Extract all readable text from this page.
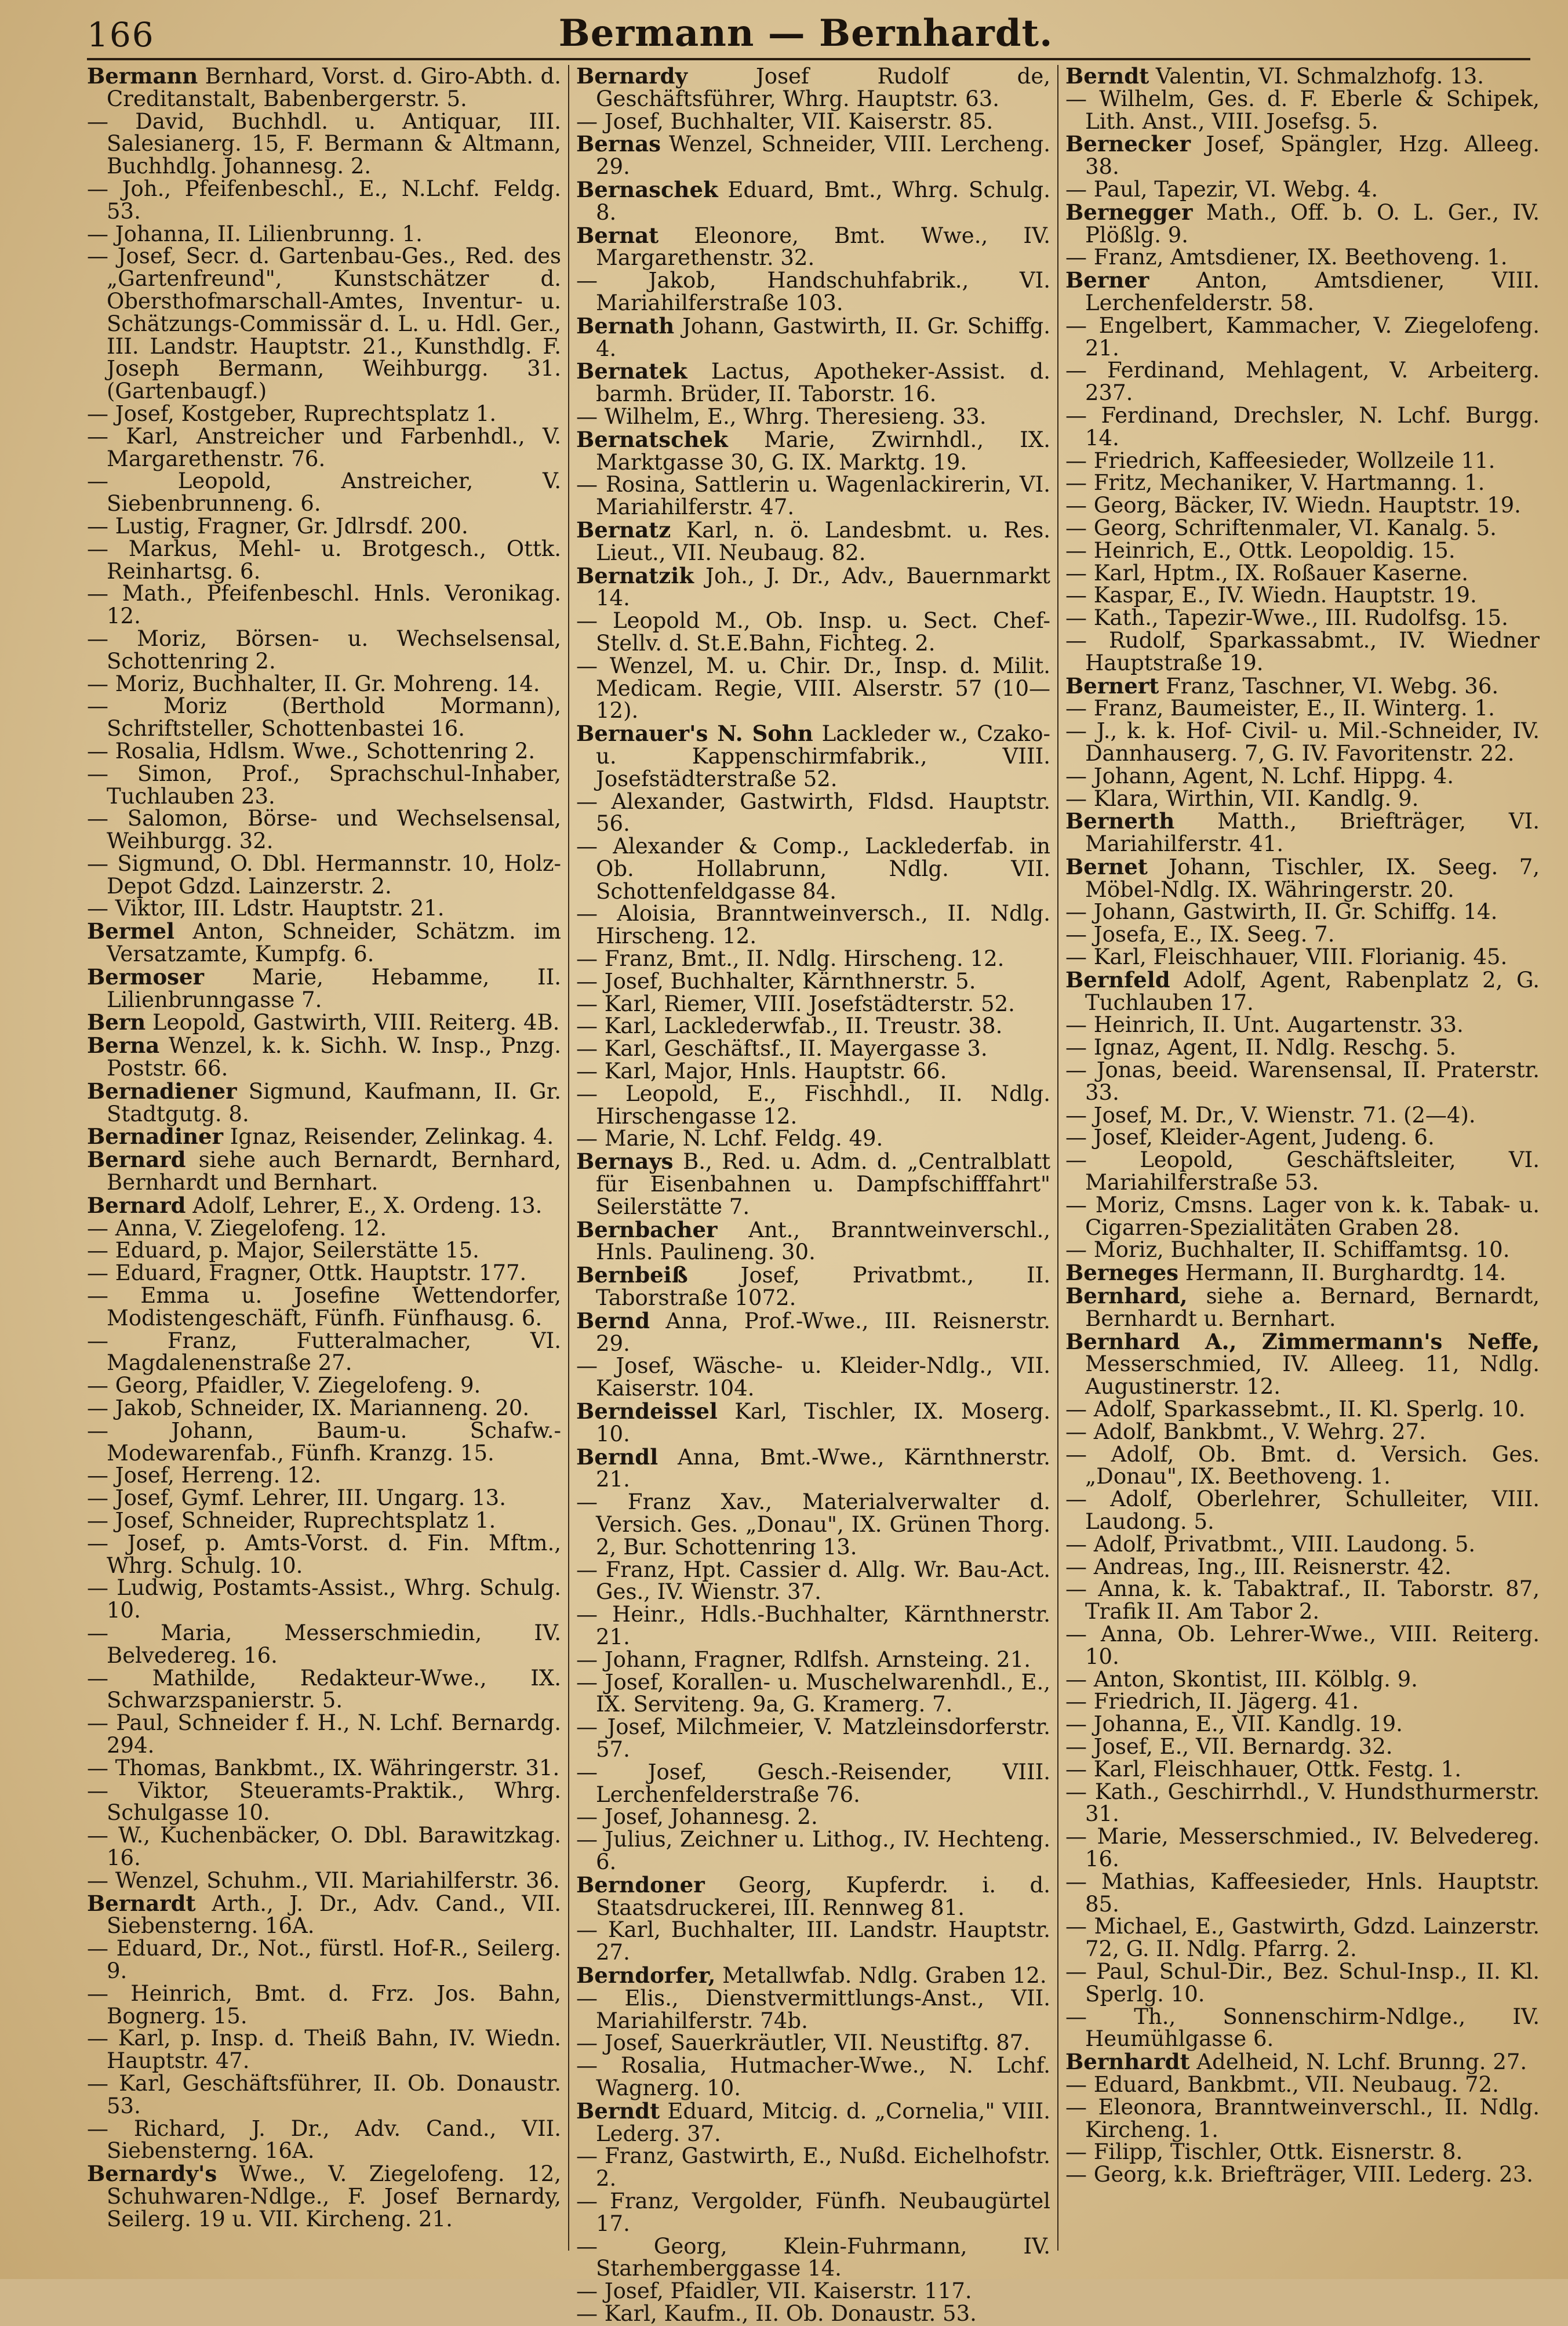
166	Bermann — Bernhardt.

Bermann Bernhard, Vorst. d. Giro-Abth. d. Creditanstalt, Babenbergerstr. 5.

— David, Buchhdl. u. Antiquar, III. Salesianerg. 15, F. Bermann & Altmann, Buchhdlg. Johannesg. 2.

— Joh., Pfeifenbeschl., E., N.Lchf. Feldg. 53.

— Johanna, II. Lilienbrunng. 1.

— Josef, Secr. d. Gartenbau-Ges., Red. des „Gartenfreund", Kunstschätzer d. Obersthofmarschall-Amtes, Inventur- u. Schätzungs-Commissär d. L. u. Hdl. Ger., III. Landstr. Hauptstr. 21., Kunsthdlg. F. Joseph Bermann, Weihburgg. 31. (Gartenbaugf.)

— Josef, Kostgeber, Ruprechtsplatz 1.

— Karl, Anstreicher und Farbenhdl., V. Margarethenstr. 76.

— Leopold, Anstreicher, V. Siebenbrunneng. 6.

— Lustig, Fragner, Gr. Jdlrsdf. 200.

— Markus, Mehl- u. Brotgesch., Ottk. Reinhartsg. 6.

— Math., Pfeifenbeschl. Hnls. Veronikag. 12.

— Moriz, Börsen- u. Wechselsensal, Schottenring 2.

— Moriz, Buchhalter, II. Gr. Mohreng. 14.

— Moriz (Berthold Mormann), Schriftsteller, Schottenbastei 16.

— Rosalia, Hdlsm. Wwe., Schottenring 2.

— Simon, Prof., Sprachschul-Inhaber, Tuchlauben 23.

— Salomon, Börse- und Wechselsensal, Weihburgg. 32.

— Sigmund, O. Dbl. Hermannstr. 10, Holz-Depot Gdzd. Lainzerstr. 2.

— Viktor, III. Ldstr. Hauptstr. 21.

Bermel Anton, Schneider, Schätzm. im Versatzamte, Kumpfg. 6.

Bermoser Marie, Hebamme, II. Lilienbrunngasse 7.

Bern Leopold, Gastwirth, VIII. Reiterg. 4B.

Berna Wenzel, k. k. Sichh. W. Insp., Pnzg. Poststr. 66.

Bernadiener Sigmund, Kaufmann, II. Gr. Stadtgutg. 8.

Bernadiner Ignaz, Reisender, Zelinkag. 4.

Bernard siehe auch Bernardt, Bernhard, Bernhardt und Bernhart.

Bernard Adolf, Lehrer, E., X. Ordeng. 13.

— Anna, V. Ziegelofeng. 12.

— Eduard, p. Major, Seilerstätte 15.

— Eduard, Fragner, Ottk. Hauptstr. 177.

— Emma u. Josefine Wettendorfer, Modistengeschäft, Fünfh. Fünfhausg. 6.

— Franz, Futteralmacher, VI. Magdalenenstraße 27.

— Georg, Pfaidler, V. Ziegelofeng. 9.

— Jakob, Schneider, IX. Marianneng. 20.

— Johann, Baum-u. Schafw.-Modewarenfab., Fünfh. Kranzg. 15.

— Josef, Herreng. 12.

— Josef, Gymf. Lehrer, III. Ungarg. 13.

— Josef, Schneider, Ruprechtsplatz 1.

— Josef, p. Amts-Vorst. d. Fin. Mftm., Whrg. Schulg. 10.

— Ludwig, Postamts-Assist., Whrg. Schulg. 10.

— Maria, Messerschmiedin, IV. Belvedereg. 16.

— Mathilde, Redakteur-Wwe., IX. Schwarzspanierstr. 5.

— Paul, Schneider f. H., N. Lchf. Bernardg. 294.

— Thomas, Bankbmt., IX. Währingerstr. 31.

— Viktor, Steueramts-Praktik., Whrg. Schulgasse 10.

— W., Kuchenbäcker, O. Dbl. Barawitzkag. 16.

— Wenzel, Schuhm., VII. Mariahilferstr. 36.

Bernardt Arth., J. Dr., Adv. Cand., VII. Siebensterng. 16A.

— Eduard, Dr., Not., fürstl. Hof-R., Seilerg. 9.

— Heinrich, Bmt. d. Frz. Jos. Bahn, Bognerg. 15.

— Karl, p. Insp. d. Theiß Bahn, IV. Wiedn. Hauptstr. 47.

— Karl, Geschäftsführer, II. Ob. Donaustr. 53.

— Richard, J. Dr., Adv. Cand., VII. Siebensterng. 16A.

Bernardy's Wwe., V. Ziegelofeng. 12, Schuhwaren-Ndlge., F. Josef Bernardy, Seilerg. 19 u. VII. Kircheng. 21.

Bernardy Josef Rudolf de, Geschäftsführer, Whrg. Hauptstr. 63.

— Josef, Buchhalter, VII. Kaiserstr. 85.

Bernas Wenzel, Schneider, VIII. Lercheng. 29.

Bernaschek Eduard, Bmt., Whrg. Schulg. 8.

Bernat Eleonore, Bmt. Wwe., IV. Margarethenstr. 32.

— Jakob, Handschuhfabrik., VI. Mariahilferstraße 103.

Bernath Johann, Gastwirth, II. Gr. Schiffg. 4.

Bernatek Lactus, Apotheker-Assist. d. barmh. Brüder, II. Taborstr. 16.

— Wilhelm, E., Whrg. Theresieng. 33.

Bernatschek Marie, Zwirnhdl., IX. Marktgasse 30, G. IX. Marktg. 19.

— Rosina, Sattlerin u. Wagenlackirerin, VI. Mariahilferstr. 47.

Bernatz Karl, n. ö. Landesbmt. u. Res. Lieut., VII. Neubaug. 82.

Bernatzik Joh., J. Dr., Adv., Bauernmarkt 14.

— Leopold M., Ob. Insp. u. Sect. Chef-Stellv. d. St.E.Bahn, Fichteg. 2.

— Wenzel, M. u. Chir. Dr., Insp. d. Milit. Medicam. Regie, VIII. Alserstr. 57 (10—12).

Bernauer's N. Sohn Lackleder w., Czako- u. Kappenschirmfabrik., VIII. Josefstädterstraße 52.

— Alexander, Gastwirth, Fldsd. Hauptstr. 56.

— Alexander & Comp., Lacklederfab. in Ob. Hollabrunn, Ndlg. VII. Schottenfeldgasse 84.

— Aloisia, Branntweinversch., II. Ndlg. Hirscheng. 12.

— Franz, Bmt., II. Ndlg. Hirscheng. 12.

— Josef, Buchhalter, Kärnthnerstr. 5.

— Karl, Riemer, VIII. Josefstädterstr. 52.

— Karl, Lacklederwfab., II. Treustr. 38.

— Karl, Geschäftsf., II. Mayergasse 3.

— Karl, Major, Hnls. Hauptstr. 66.

— Leopold, E., Fischhdl., II. Ndlg. Hirschengasse 12.

— Marie, N. Lchf. Feldg. 49.

Bernays B., Red. u. Adm. d. „Centralblatt für Eisenbahnen u. Dampfschifffahrt" Seilerstätte 7.

Bernbacher Ant., Branntweinverschl., Hnls. Paulineng. 30.

Bernbeiß Josef, Privatbmt., II. Taborstraße 1072.

Bernd Anna, Prof.-Wwe., III. Reisnerstr. 29.

— Josef, Wäsche- u. Kleider-Ndlg., VII. Kaiserstr. 104.

Berndeissel Karl, Tischler, IX. Moserg. 10.

Berndl Anna, Bmt.-Wwe., Kärnthnerstr. 21.

— Franz Xav., Materialverwalter d. Versich. Ges. „Donau", IX. Grünen Thorg. 2, Bur. Schottenring 13.

— Franz, Hpt. Cassier d. Allg. Wr. Bau-Act. Ges., IV. Wienstr. 37.

— Heinr., Hdls.-Buchhalter, Kärnthnerstr. 21.

— Johann, Fragner, Rdlfsh. Arnsteing. 21.

— Josef, Korallen- u. Muschelwarenhdl., E., IX. Serviteng. 9a, G. Kramerg. 7.

— Josef, Milchmeier, V. Matzleinsdorferstr. 57.

— Josef, Gesch.-Reisender, VIII. Lerchenfelderstraße 76.

— Josef, Johannesg. 2.

— Julius, Zeichner u. Lithog., IV. Hechteng. 6.

Berndoner Georg, Kupferdr. i. d. Staatsdruckerei, III. Rennweg 81.

— Karl, Buchhalter, III. Landstr. Hauptstr. 27.

Berndorfer, Metallwfab. Ndlg. Graben 12.

— Elis., Dienstvermittlungs-Anst., VII. Mariahilferstr. 74b.

— Josef, Sauerkräutler, VII. Neustiftg. 87.

— Rosalia, Hutmacher-Wwe., N. Lchf. Wagnerg. 10.

Berndt Eduard, Mitcig. d. „Cornelia," VIII. Lederg. 37.

— Franz, Gastwirth, E., Nußd. Eichelhofstr. 2.

— Franz, Vergolder, Fünfh. Neubaugürtel 17.

— Georg, Klein-Fuhrmann, IV. Starhemberggasse 14.

— Josef, Pfaidler, VII. Kaiserstr. 117.

— Karl, Kaufm., II. Ob. Donaustr. 53.

Berndt Valentin, VI. Schmalzhofg. 13.

— Wilhelm, Ges. d. F. Eberle & Schipek, Lith. Anst., VIII. Josefsg. 5.

Bernecker Josef, Spängler, Hzg. Alleeg. 38.

— Paul, Tapezir, VI. Webg. 4.

Bernegger Math., Off. b. O. L. Ger., IV. Plößlg. 9.

— Franz, Amtsdiener, IX. Beethoveng. 1.

Berner Anton, Amtsdiener, VIII. Lerchenfelderstr. 58.

— Engelbert, Kammacher, V. Ziegelofeng. 21.

— Ferdinand, Mehlagent, V. Arbeiterg. 237.

— Ferdinand, Drechsler, N. Lchf. Burgg. 14.

— Friedrich, Kaffeesieder, Wollzeile 11.

— Fritz, Mechaniker, V. Hartmanng. 1.

— Georg, Bäcker, IV. Wiedn. Hauptstr. 19.

— Georg, Schriftenmaler, VI. Kanalg. 5.

— Heinrich, E., Ottk. Leopoldig. 15.

— Karl, Hptm., IX. Roßauer Kaserne.

— Kaspar, E., IV. Wiedn. Hauptstr. 19.

— Kath., Tapezir-Wwe., III. Rudolfsg. 15.

— Rudolf, Sparkassabmt., IV. Wiedner Hauptstraße 19.

Bernert Franz, Taschner, VI. Webg. 36.

— Franz, Baumeister, E., II. Winterg. 1.

— J., k. k. Hof- Civil- u. Mil.-Schneider, IV. Dannhauserg. 7, G. IV. Favoritenstr. 22.

— Johann, Agent, N. Lchf. Hippg. 4.

— Klara, Wirthin, VII. Kandlg. 9.

Bernerth Matth., Briefträger, VI. Mariahilferstr. 41.

Bernet Johann, Tischler, IX. Seeg. 7, Möbel-Ndlg. IX. Währingerstr. 20.

— Johann, Gastwirth, II. Gr. Schiffg. 14.

— Josefa, E., IX. Seeg. 7.

— Karl, Fleischhauer, VIII. Florianig. 45.

Bernfeld Adolf, Agent, Rabenplatz 2, G. Tuchlauben 17.

— Heinrich, II. Unt. Augartenstr. 33.

— Ignaz, Agent, II. Ndlg. Reschg. 5.

— Jonas, beeid. Warensensal, II. Praterstr. 33.

— Josef, M. Dr., V. Wienstr. 71. (2—4).

— Josef, Kleider-Agent, Judeng. 6.

— Leopold, Geschäftsleiter, VI. Mariahilferstraße 53.

— Moriz, Cmsns. Lager von k. k. Tabak- u. Cigarren-Spezialitäten Graben 28.

— Moriz, Buchhalter, II. Schiffamtsg. 10.

Berneges Hermann, II. Burghardtg. 14.

Bernhard, siehe a. Bernard, Bernardt, Bernhardt u. Bernhart.

Bernhard A., Zimmermann's Neffe, Messerschmied, IV. Alleeg. 11, Ndlg. Augustinerstr. 12.

— Adolf, Sparkassebmt., II. Kl. Sperlg. 10.

— Adolf, Bankbmt., V. Wehrg. 27.

— Adolf, Ob. Bmt. d. Versich. Ges. „Donau", IX. Beethoveng. 1.

— Adolf, Oberlehrer, Schulleiter, VIII. Laudong. 5.

— Adolf, Privatbmt., VIII. Laudong. 5.

— Andreas, Ing., III. Reisnerstr. 42.

— Anna, k. k. Tabaktraf., II. Taborstr. 87, Trafik II. Am Tabor 2.

— Anna, Ob. Lehrer-Wwe., VIII. Reiterg. 10.

— Anton, Skontist, III. Kölblg. 9.

— Friedrich, II. Jägerg. 41.

— Johanna, E., VII. Kandlg. 19.

— Josef, E., VII. Bernardg. 32.

— Karl, Fleischhauer, Ottk. Festg. 1.

— Kath., Geschirrhdl., V. Hundsthurmerstr. 31.

— Marie, Messerschmied., IV. Belvedereg. 16.

— Mathias, Kaffeesieder, Hnls. Hauptstr. 85.

— Michael, E., Gastwirth, Gdzd. Lainzerstr. 72, G. II. Ndlg. Pfarrg. 2.

— Paul, Schul-Dir., Bez. Schul-Insp., II. Kl. Sperlg. 10.

— Th., Sonnenschirm-Ndlge., IV. Heumühlgasse 6.

Bernhardt Adelheid, N. Lchf. Brunng. 27.

— Eduard, Bankbmt., VII. Neubaug. 72.

— Eleonora, Branntweinverschl., II. Ndlg. Kircheng. 1.

— Filipp, Tischler, Ottk. Eisnerstr. 8.

— Georg, k.k. Briefträger, VIII. Lederg. 23.
